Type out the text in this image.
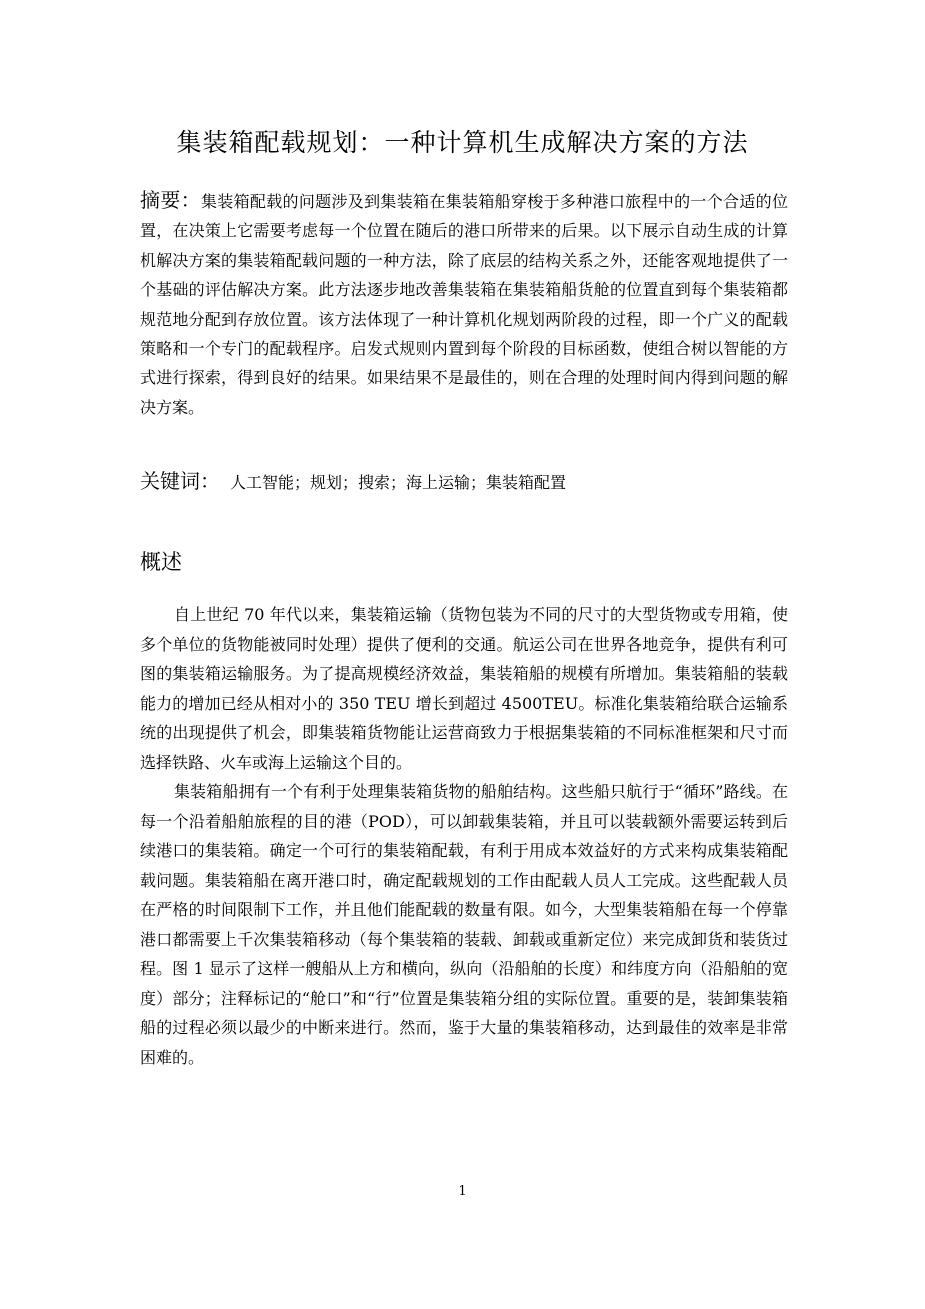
集装箱配载规划：一种计算机生成解决方案的方法

摘要：集装箱配载的问题涉及到集装箱在集装箱船穿梭于多种港口旅程中的一个合适的位置，在决策上它需要考虑每一个位置在随后的港口所带来的后果。以下展示自动生成的计算机解决方案的集装箱配载问题的一种方法，除了底层的结构关系之外，还能客观地提供了一个基础的评估解决方案。此方法逐步地改善集装箱在集装箱船货舱的位置直到每个集装箱都规范地分配到存放位置。该方法体现了一种计算机化规划两阶段的过程，即一个广义的配载策略和一个专门的配载程序。启发式规则内置到每个阶段的目标函数，使组合树以智能的方式进行探索，得到良好的结果。如果结果不是最佳的，则在合理的处理时间内得到问题的解决方案。

关键词： 人工智能；规划；搜索；海上运输；集装箱配置

概述

自上世纪 70 年代以来，集装箱运输（货物包装为不同的尺寸的大型货物或专用箱，使多个单位的货物能被同时处理）提供了便利的交通。航运公司在世界各地竞争，提供有利可图的集装箱运输服务。为了提高规模经济效益，集装箱船的规模有所增加。集装箱船的装载能力的增加已经从相对小的 350 TEU 增长到超过 4500TEU。标准化集装箱给联合运输系统的出现提供了机会，即集装箱货物能让运营商致力于根据集装箱的不同标准框架和尺寸而选择铁路、火车或海上运输这个目的。

集装箱船拥有一个有利于处理集装箱货物的船舶结构。这些船只航行于“循环”路线。在每一个沿着船舶旅程的目的港（POD），可以卸载集装箱，并且可以装载额外需要运转到后续港口的集装箱。确定一个可行的集装箱配载，有利于用成本效益好的方式来构成集装箱配载问题。集装箱船在离开港口时，确定配载规划的工作由配载人员人工完成。这些配载人员在严格的时间限制下工作，并且他们能配载的数量有限。如今，大型集装箱船在每一个停靠港口都需要上千次集装箱移动（每个集装箱的装载、卸载或重新定位）来完成卸货和装货过程。图 1 显示了这样一艘船从上方和横向，纵向（沿船舶的长度）和纬度方向（沿船舶的宽度）部分；注释标记的“舱口”和“行”位置是集装箱分组的实际位置。重要的是，装卸集装箱船的过程必须以最少的中断来进行。然而，鉴于大量的集装箱移动，达到最佳的效率是非常困难的。

1
